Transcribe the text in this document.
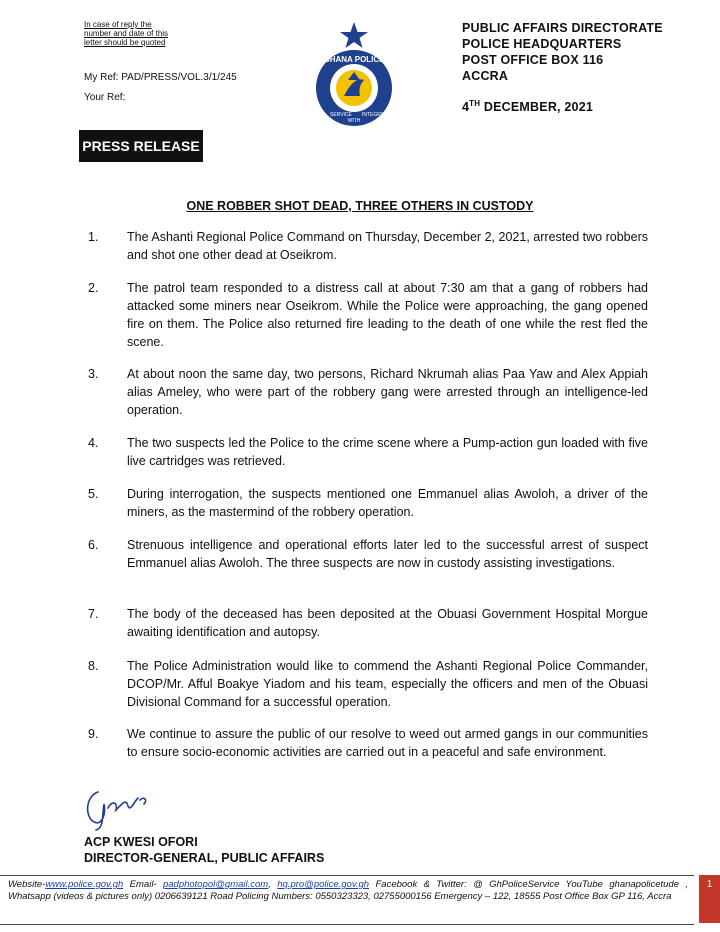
In case of reply the
number and date of this
letter should be quoted
My Ref: PAD/PRESS/VOL.3/1/245
Your Ref:
GHANA POLICE
SERVICE
WITH
INTEGRITY
PUBLIC AFFAIRS DIRECTORATE
POLICE HEADQUARTERS
POST OFFICE BOX 116
ACCRA
4TH DECEMBER, 2021
PRESS RELEASE
ONE ROBBER SHOT DEAD, THREE OTHERS IN CUSTODY
1.	The Ashanti Regional Police Command on Thursday, December 2, 2021, arrested two robbers and shot one other dead at Oseikrom.
2.	The patrol team responded to a distress call at about 7:30 am that a gang of robbers had attacked some miners near Oseikrom. While the Police were approaching, the gang opened fire on them. The Police also returned fire leading to the death of one while the rest fled the scene.
3.	At about noon the same day, two persons, Richard Nkrumah alias Paa Yaw and Alex Appiah alias Ameley, who were part of the robbery gang were arrested through an intelligence-led operation.
4.	The two suspects led the Police to the crime scene where a Pump-action gun loaded with five live cartridges was retrieved.
5.	During interrogation, the suspects mentioned one Emmanuel alias Awoloh, a driver of the miners, as the mastermind of the robbery operation.
6.	Strenuous intelligence and operational efforts later led to the successful arrest of suspect Emmanuel alias Awoloh. The three suspects are now in custody assisting investigations.
7.	The body of the deceased has been deposited at the Obuasi Government Hospital Morgue awaiting identification and autopsy.
8.	The Police Administration would like to commend the Ashanti Regional Police Commander, DCOP/Mr. Afful Boakye Yiadom and his team, especially the officers and men of the Obuasi Divisional Command for a successful operation.
9.	We continue to assure the public of our resolve to weed out armed gangs in our communities to ensure socio-economic activities are carried out in a peaceful and safe environment.
ACP KWESI OFORI
DIRECTOR-GENERAL, PUBLIC AFFAIRS
Website-www.police.gov.gh Email- padphotopol@gmail.com, hq.pro@police.gov.gh Facebook & Twitter: @ GhPoliceService YouTube ghanapolicetude , Whatsapp (videos & pictures only) 0206639121 Road Policing Numbers: 0550323323, 02755000156 Emergency – 122, 18555 Post Office Box GP 116, Accra
1
